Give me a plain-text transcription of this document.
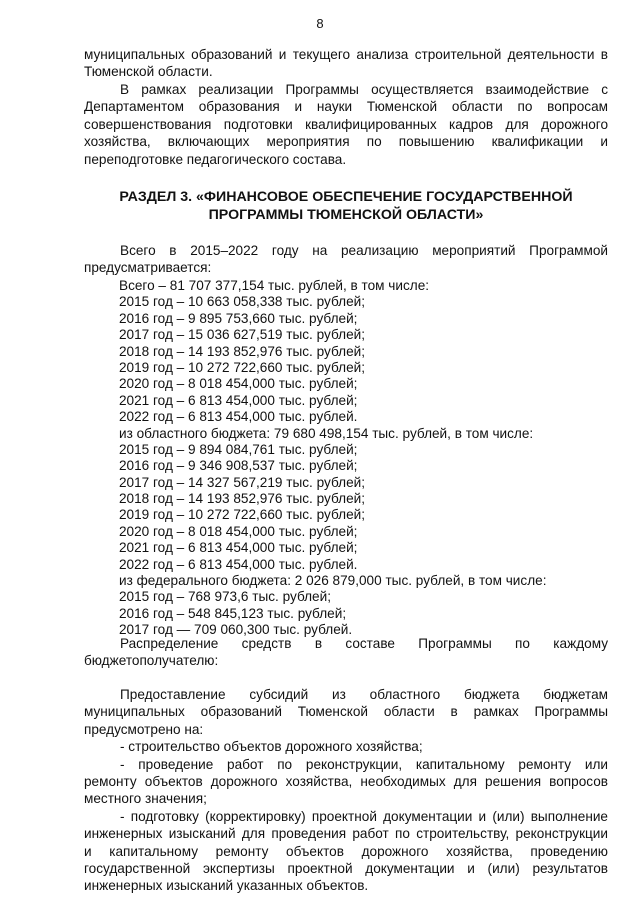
8
муниципальных образований и текущего анализа строительной деятельности в
Тюменской области.
В рамках реализации Программы осуществляется взаимодействие с
Департаментом образования и науки Тюменской области по вопросам
совершенствования подготовки квалифицированных кадров для дорожного
хозяйства, включающих мероприятия по повышению квалификации и
переподготовке педагогического состава.
РАЗДЕЛ 3. «ФИНАНСОВОЕ ОБЕСПЕЧЕНИЕ ГОСУДАРСТВЕННОЙ
ПРОГРАММЫ ТЮМЕНСКОЙ ОБЛАСТИ»
Всего в 2015–2022 году на реализацию мероприятий Программой
предусматривается:
Всего – 81 707 377,154 тыс. рублей, в том числе:
2015 год – 10 663 058,338 тыс. рублей;
2016 год – 9 895 753,660 тыс. рублей;
2017 год – 15 036 627,519 тыс. рублей;
2018 год – 14 193 852,976 тыс. рублей;
2019 год – 10 272 722,660 тыс. рублей;
2020 год – 8 018 454,000 тыс. рублей;
2021 год – 6 813 454,000 тыс. рублей;
2022 год – 6 813 454,000 тыс. рублей.
из областного бюджета: 79 680 498,154 тыс. рублей, в том числе:
2015 год – 9 894 084,761 тыс. рублей;
2016 год – 9 346 908,537 тыс. рублей;
2017 год – 14 327 567,219 тыс. рублей;
2018 год – 14 193 852,976 тыс. рублей;
2019 год – 10 272 722,660 тыс. рублей;
2020 год – 8 018 454,000 тыс. рублей;
2021 год – 6 813 454,000 тыс. рублей;
2022 год – 6 813 454,000 тыс. рублей.
из федерального бюджета: 2 026 879,000 тыс. рублей, в том числе:
2015 год – 768 973,6 тыс. рублей;
2016 год – 548 845,123 тыс. рублей;
2017 год — 709 060,300 тыс. рублей.
Распределение средств в составе Программы по каждому
бюджетополучателю:
Предоставление субсидий из областного бюджета бюджетам
муниципальных образований Тюменской области в рамках Программы
предусмотрено на:
- строительство объектов дорожного хозяйства;
- проведение работ по реконструкции, капитальному ремонту или
ремонту объектов дорожного хозяйства, необходимых для решения вопросов
местного значения;
- подготовку (корректировку) проектной документации и (или) выполнение
инженерных изысканий для проведения работ по строительству, реконструкции
и капитальному ремонту объектов дорожного хозяйства, проведению
государственной экспертизы проектной документации и (или) результатов
инженерных изысканий указанных объектов.
